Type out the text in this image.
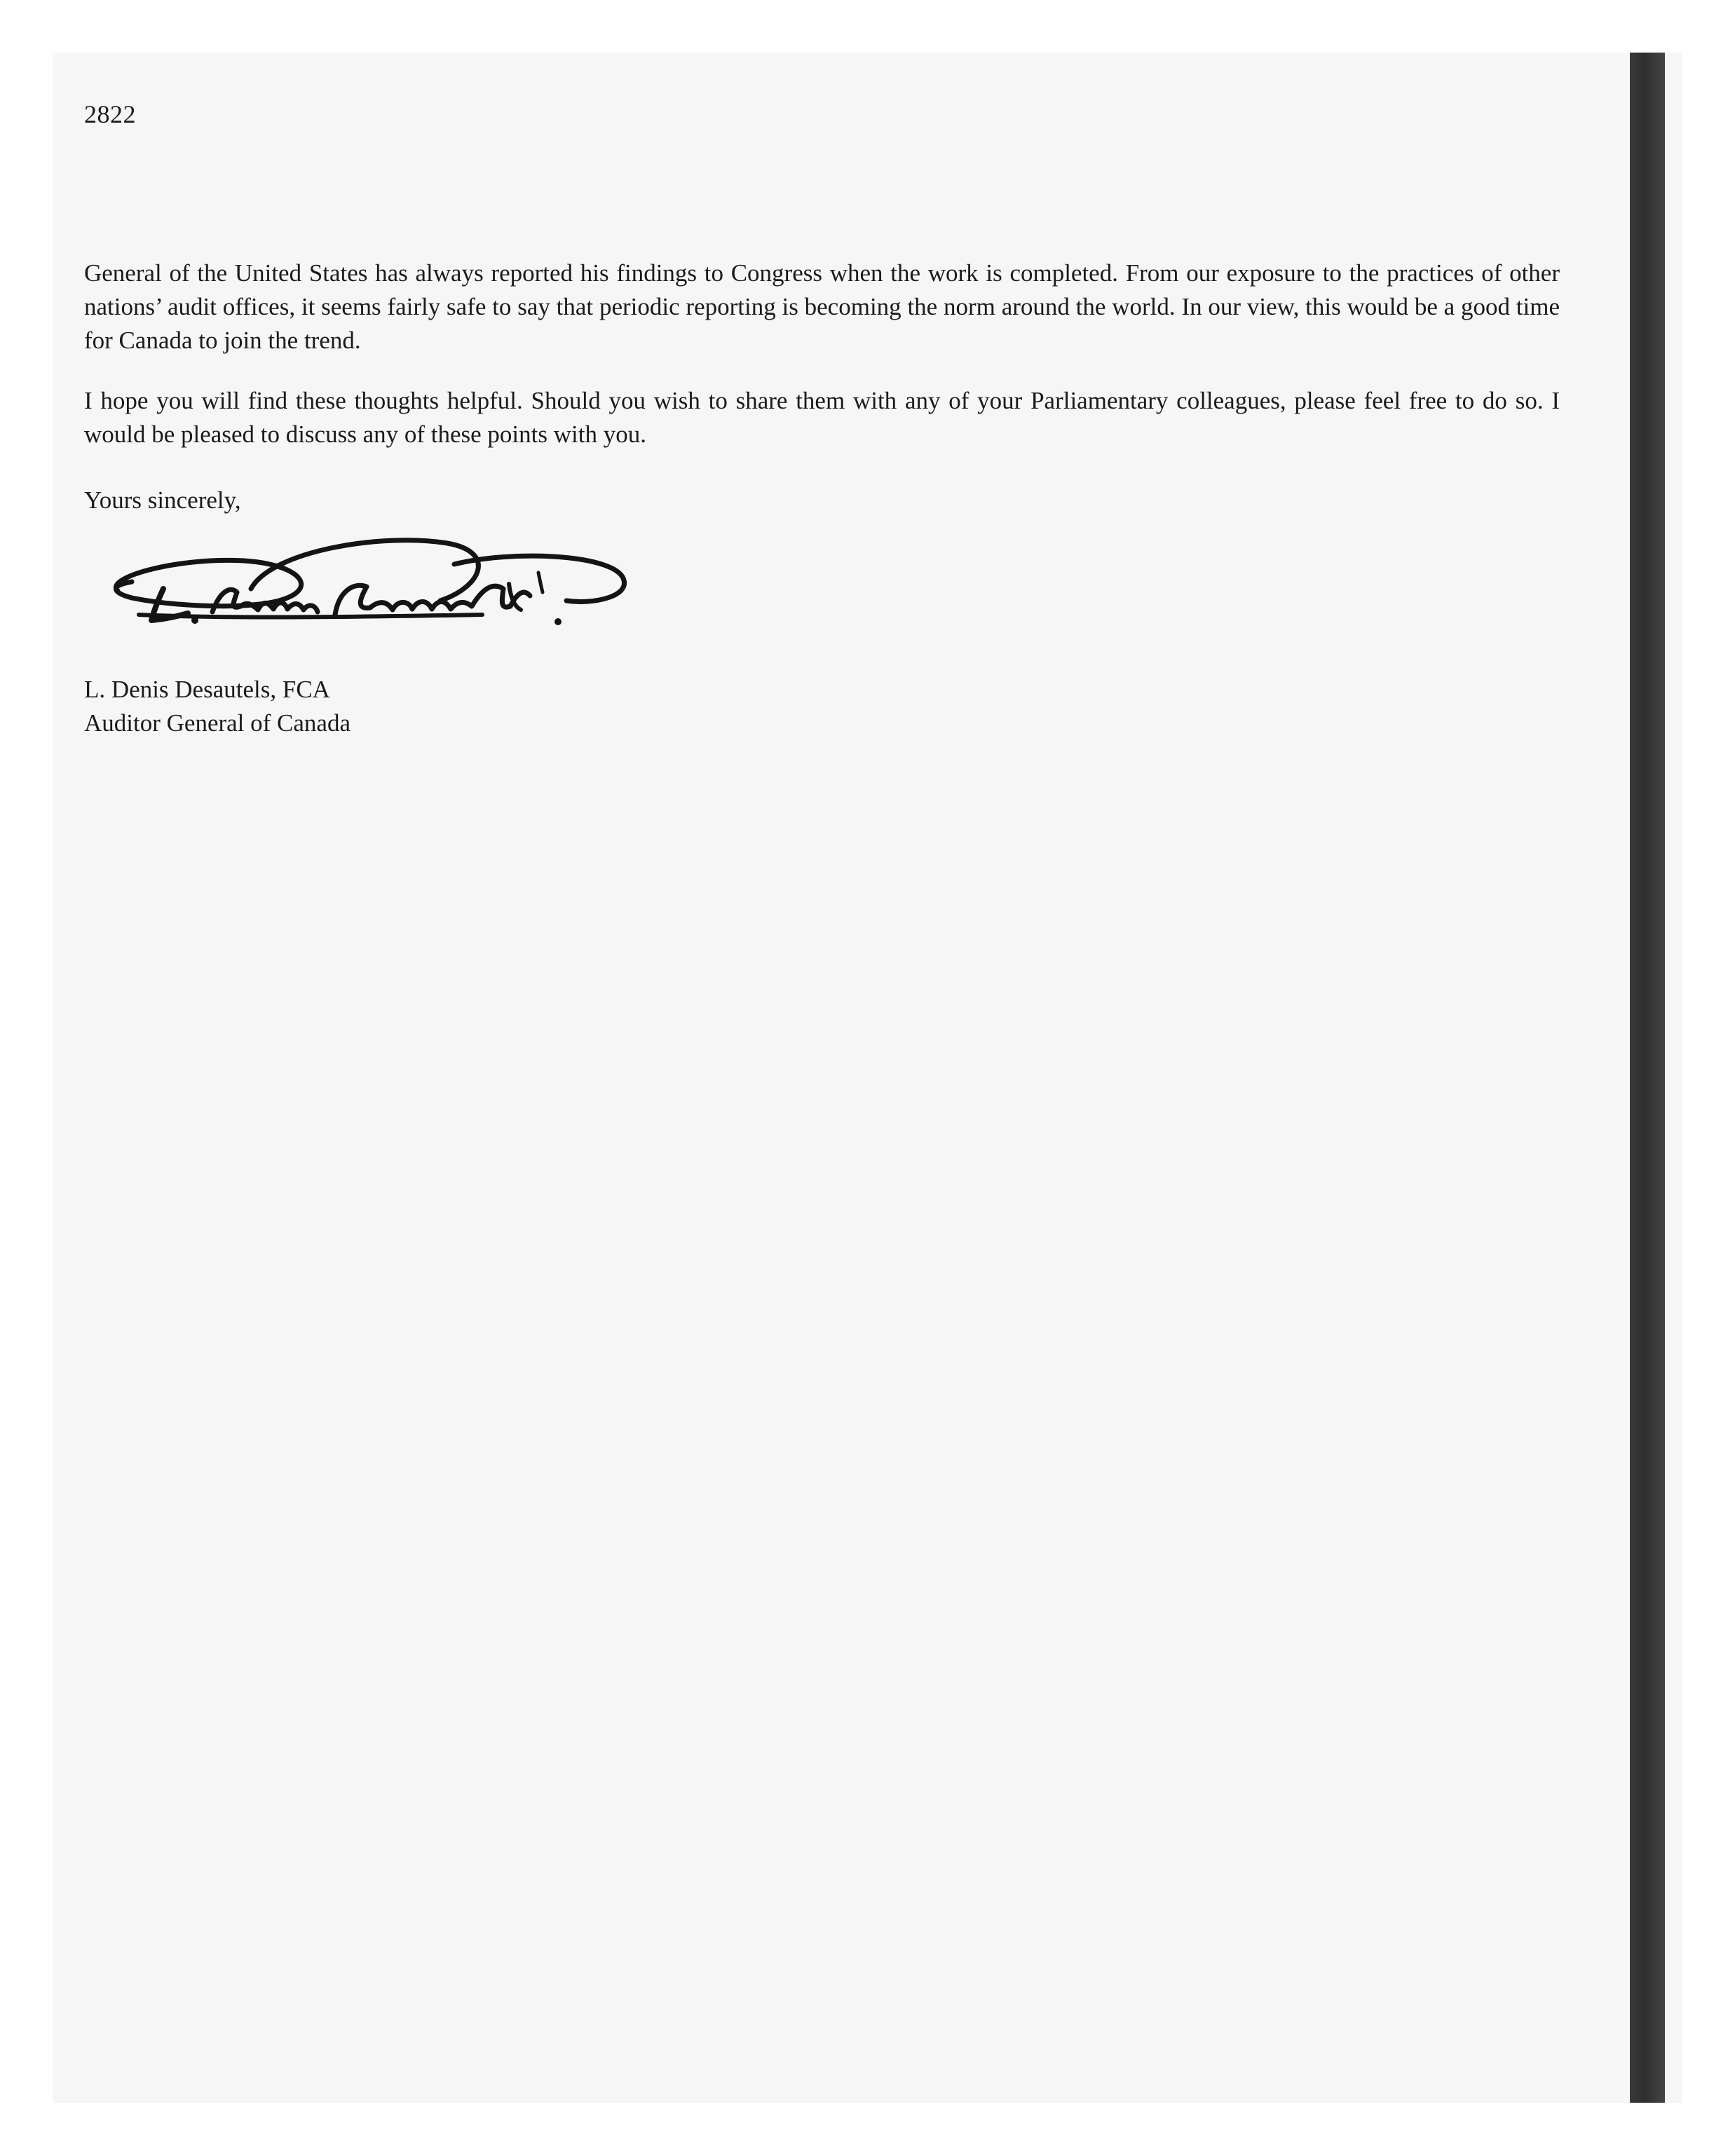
2822

General of the United States has always reported his findings to Congress when the work is completed. From our exposure to the practices of other nations’ audit offices, it seems fairly safe to say that periodic reporting is becoming the norm around the world. In our view, this would be a good time for Canada to join the trend.

I hope you will find these thoughts helpful. Should you wish to share them with any of your Parliamentary colleagues, please feel free to do so. I would be pleased to discuss any of these points with you.

Yours sincerely,
L. Denis Desautels, FCA
Auditor General of Canada
